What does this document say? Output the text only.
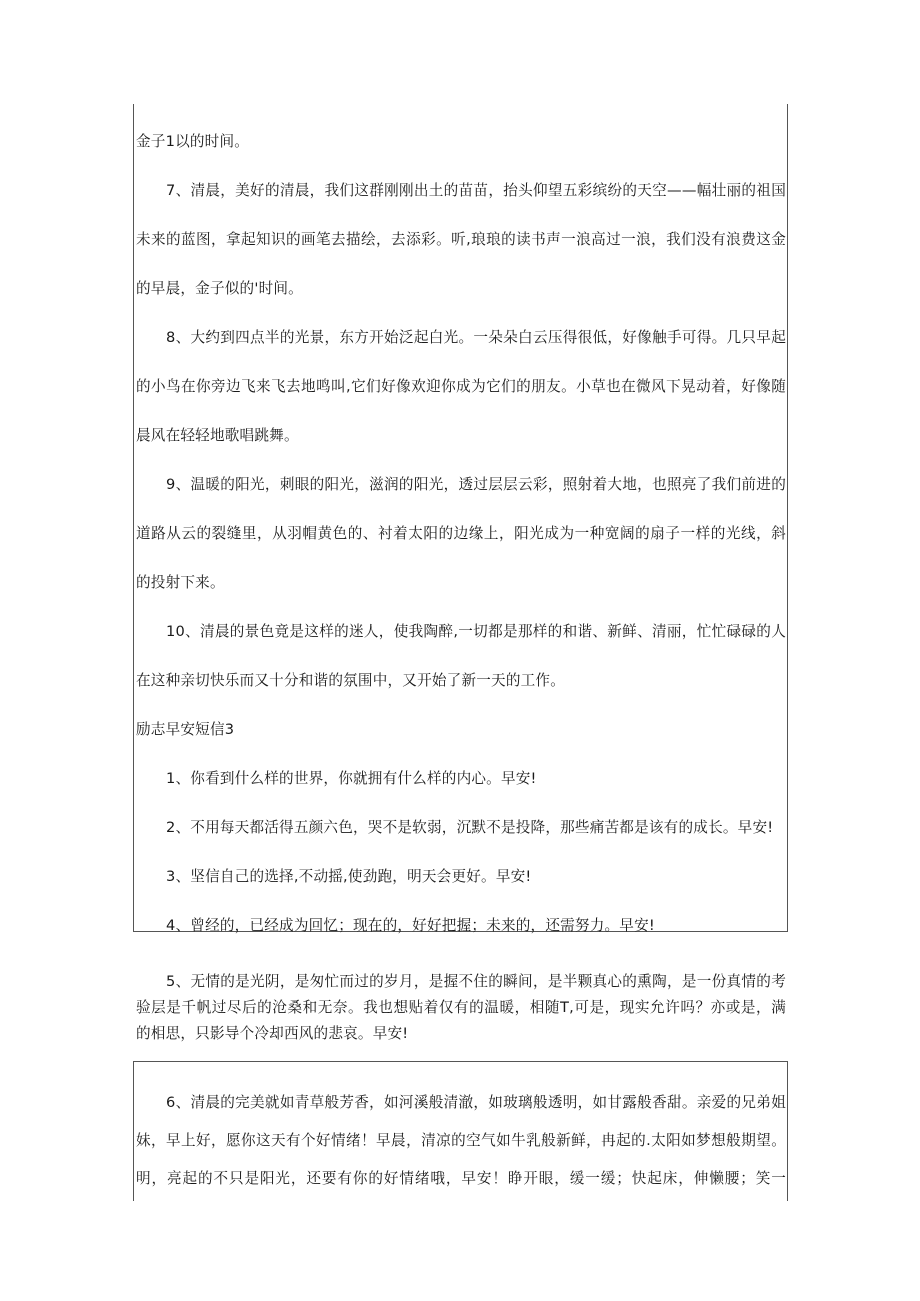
金子1以的时间。
7、清晨，美好的清晨，我们这群刚刚出土的苗苗，抬头仰望五彩缤纷的天空——幅壮丽的祖国
未来的蓝图，拿起知识的画笔去描绘，去添彩。听,琅琅的读书声一浪高过一浪，我们没有浪费这金
的早晨，金子似的'时间。
8、大约到四点半的光景，东方开始泛起白光。一朵朵白云压得很低，好像触手可得。几只早起
的小鸟在你旁边飞来飞去地鸣叫,它们好像欢迎你成为它们的朋友。小草也在微风下晃动着，好像随
晨风在轻轻地歌唱跳舞。
9、温暖的阳光，刺眼的阳光，滋润的阳光，透过层层云彩，照射着大地，也照亮了我们前进的
道路从云的裂缝里，从羽帽黄色的、衬着太阳的边缘上，阳光成为一种宽阔的扇子一样的光线，斜
的投射下来。
10、清晨的景色竟是这样的迷人，使我陶醉,一切都是那样的和谐、新鲜、清丽，忙忙碌碌的人
在这种亲切快乐而又十分和谐的氛围中，又开始了新一天的工作。
励志早安短信3
1、你看到什么样的世界，你就拥有什么样的内心。早安!
2、不用每天都活得五颜六色，哭不是软弱，沉默不是投降，那些痛苦都是该有的成长。早安!
3、坚信自己的选择,不动摇,使劲跑，明天会更好。早安!
4、曾经的，已经成为回忆；现在的，好好把握；未来的，还需努力。早安!
5、无情的是光阴，是匆忙而过的岁月，是握不住的瞬间，是半颗真心的熏陶，是一份真情的考
验层是千帆过尽后的沧桑和无奈。我也想贴着仅有的温暖，相随T,可是，现实允许吗？亦或是，满
的相思，只影导个冷却西风的悲哀。早安!
6、清晨的完美就如青草般芳香，如河溪般清澈，如玻璃般透明，如甘露般香甜。亲爱的兄弟姐
妹，早上好，愿你这天有个好情绪！早晨，清凉的空气如牛乳般新鲜，冉起的.太阳如梦想般期望。
明，亮起的不只是阳光，还要有你的好情绪哦，早安！睁开眼，缓一缓；快起床，伸懒腰；笑一
